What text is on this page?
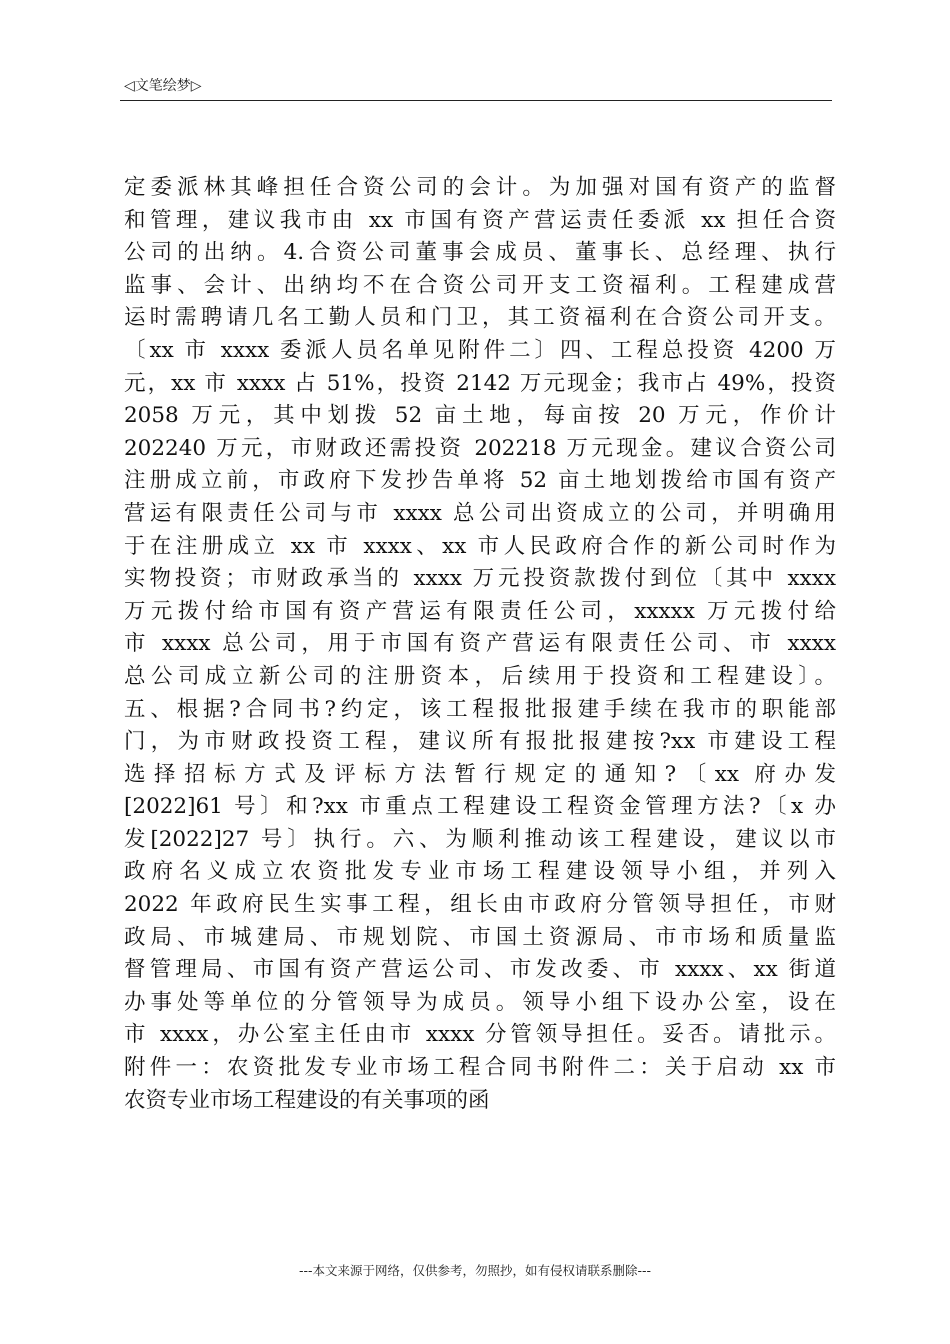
◁文笔绘梦▷
定委派林其峰担任合资公司的会计。为加强对国有资产的监督
和管理，建议我市由 xx 市国有资产营运责任委派 xx 担任合资
公司的出纳。4.合资公司董事会成员、董事长、总经理、执行
监事、会计、出纳均不在合资公司开支工资福利。工程建成营
运时需聘请几名工勤人员和门卫，其工资福利在合资公司开支。
〔xx 市 xxxx 委派人员名单见附件二〕四、工程总投资 4200 万
元，xx 市 xxxx 占 51%，投资 2142 万元现金；我市占 49%，投资
2058 万元，其中划拨 52 亩土地，每亩按 20 万元，作价计
202240 万元，市财政还需投资 202218 万元现金。建议合资公司
注册成立前，市政府下发抄告单将 52 亩土地划拨给市国有资产
营运有限责任公司与市 xxxx 总公司出资成立的公司，并明确用
于在注册成立 xx 市 xxxx、xx 市人民政府合作的新公司时作为
实物投资；市财政承当的 xxxx 万元投资款拨付到位〔其中 xxxx
万元拨付给市国有资产营运有限责任公司，xxxxx 万元拨付给
市 xxxx 总公司，用于市国有资产营运有限责任公司、市 xxxx
总公司成立新公司的注册资本，后续用于投资和工程建设〕。
五、根据?合同书?约定，该工程报批报建手续在我市的职能部
门，为市财政投资工程，建议所有报批报建按?xx 市建设工程
选择招标方式及评标方法暂行规定的通知?〔xx 府办发
[2022]61 号〕和?xx 市重点工程建设工程资金管理方法?〔x 办
发[2022]27 号〕执行。六、为顺利推动该工程建设，建议以市
政府名义成立农资批发专业市场工程建设领导小组，并列入
2022 年政府民生实事工程，组长由市政府分管领导担任，市财
政局、市城建局、市规划院、市国土资源局、市市场和质量监
督管理局、市国有资产营运公司、市发改委、市 xxxx、xx 街道
办事处等单位的分管领导为成员。领导小组下设办公室，设在
市 xxxx，办公室主任由市 xxxx 分管领导担任。妥否。请批示。
附件一：农资批发专业市场工程合同书附件二：关于启动 xx 市
农资专业市场工程建设的有关事项的函
---本文来源于网络，仅供参考，勿照抄，如有侵权请联系删除---
